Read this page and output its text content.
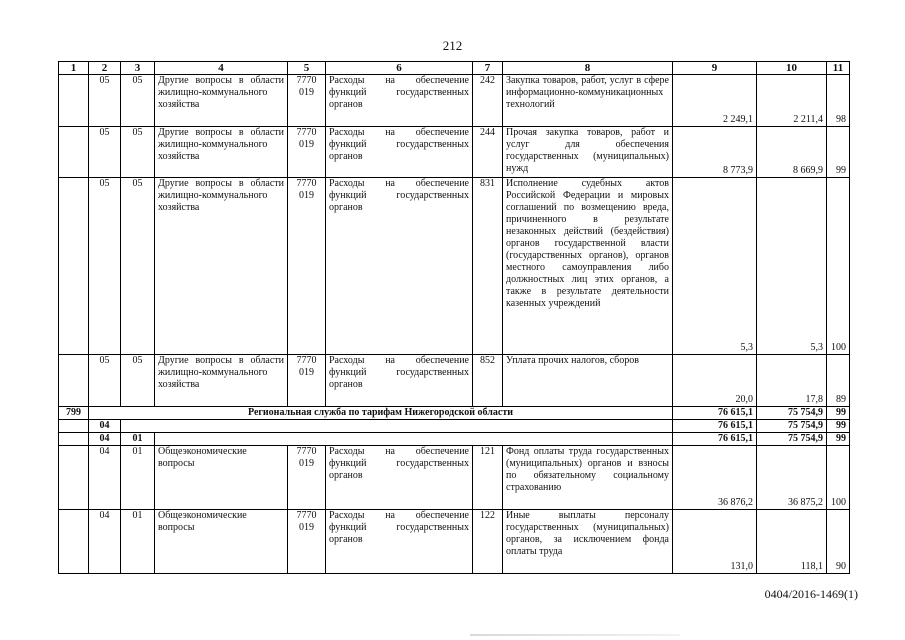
212
1	2	3	4	5	6	7	8	9	10	11
	05	05	Другие вопросы в области жилищно-коммунального хозяйства	7770 019	Расходы на обеспечение функций государственных органов	242	Закупка товаров, работ, услуг в сфере информационно-коммуникационных технологий	2 249,1	2 211,4	98
	05	05	Другие вопросы в области жилищно-коммунального хозяйства	7770 019	Расходы на обеспечение функций государственных органов	244	Прочая закупка товаров, работ и услуг для обеспечения государственных (муниципальных) нужд	8 773,9	8 669,9	99
	05	05	Другие вопросы в области жилищно-коммунального хозяйства	7770 019	Расходы на обеспечение функций государственных органов	831	Исполнение судебных актов Российской Федерации и мировых соглашений по возмещению вреда, причиненного в результате незаконных действий (бездействия) органов государственной власти (государственных органов), органов местного самоуправления либо должностных лиц этих органов, а также в результате деятельности казенных учреждений	5,3	5,3	100
	05	05	Другие вопросы в области жилищно-коммунального хозяйства	7770 019	Расходы на обеспечение функций государственных органов	852	Уплата прочих налогов, сборов	20,0	17,8	89
799	Региональная служба по тарифам Нижегородской области							76 615,1	75 754,9	99
	04							76 615,1	75 754,9	99
	04	01						76 615,1	75 754,9	99
	04	01	Общеэкономические вопросы	7770 019	Расходы на обеспечение функций государственных органов	121	Фонд оплаты труда государственных (муниципальных) органов и взносы по обязательному социальному страхованию	36 876,2	36 875,2	100
	04	01	Общеэкономические вопросы	7770 019	Расходы на обеспечение функций государственных органов	122	Иные выплаты персоналу государственных (муниципальных) органов, за исключением фонда оплаты труда	131,0	118,1	90
0404/2016-1469(1)
